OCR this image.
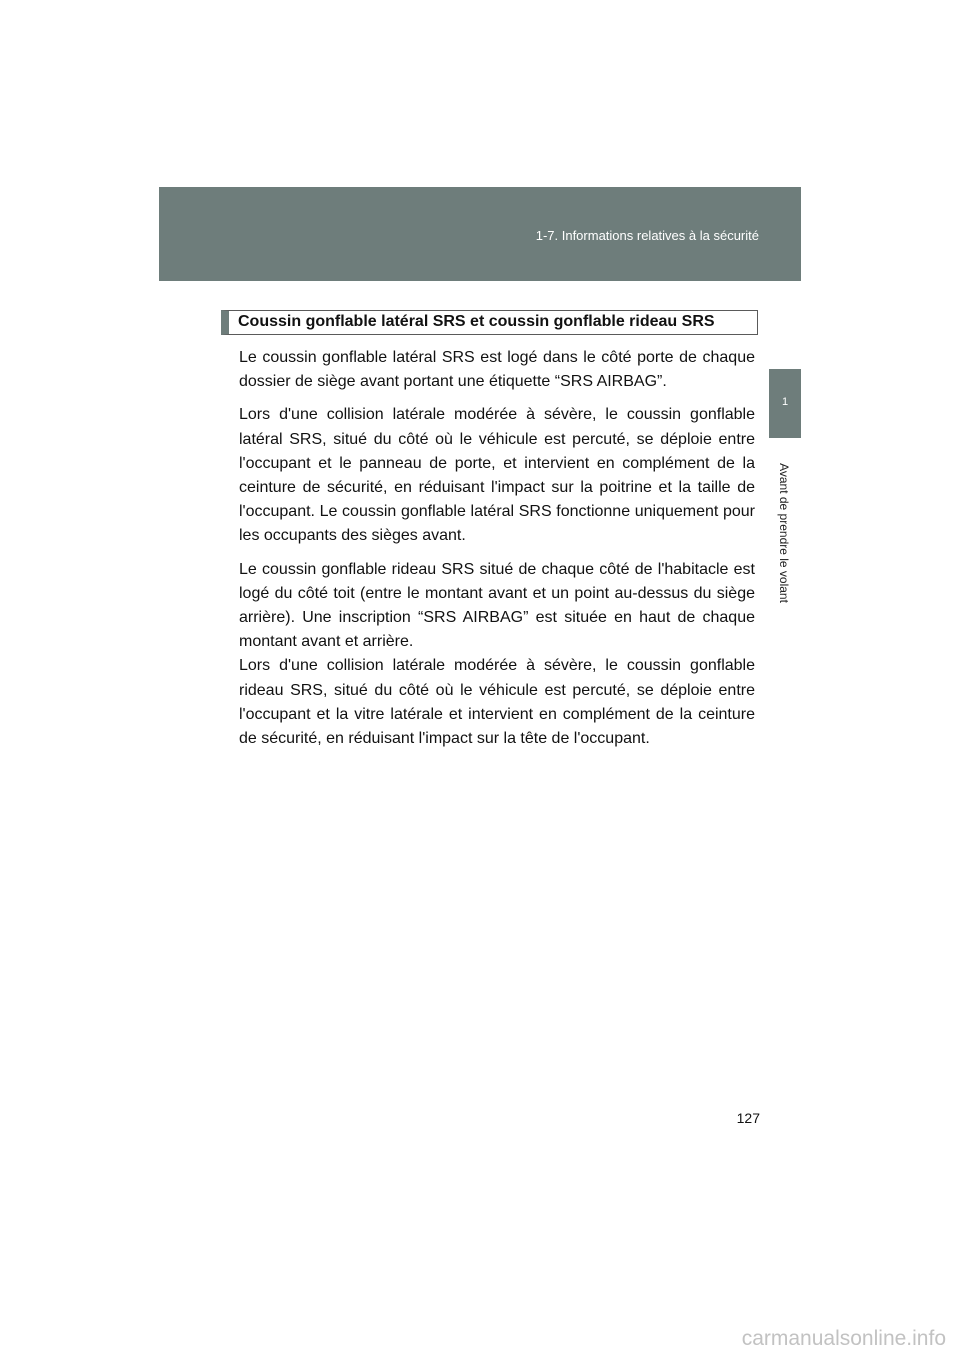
1-7. Informations relatives à la sécurité
1
Avant de prendre le volant
Coussin gonflable latéral SRS et coussin gonflable rideau SRS

Le coussin gonflable latéral SRS est logé dans le côté porte de chaque dossier de siège avant portant une étiquette “SRS AIRBAG”.

Lors d'une collision latérale modérée à sévère, le coussin gonflable latéral SRS, situé du côté où le véhicule est percuté, se déploie entre l'occupant et le panneau de porte, et intervient en complément de la ceinture de sécurité, en réduisant l'impact sur la poitrine et la taille de l'occupant. Le coussin gonflable latéral SRS fonctionne uniquement pour les occupants des sièges avant.

Le coussin gonflable rideau SRS situé de chaque côté de l'habitacle est logé du côté toit (entre le montant avant et un point au-dessus du siège arrière). Une inscription “SRS AIRBAG” est située en haut de chaque montant avant et arrière.

Lors d'une collision latérale modérée à sévère, le coussin gonflable rideau SRS, situé du côté où le véhicule est percuté, se déploie entre l'occupant et la vitre latérale et intervient en complément de la ceinture de sécurité, en réduisant l'impact sur la tête de l'occupant.

127
carmanualsonline.info
